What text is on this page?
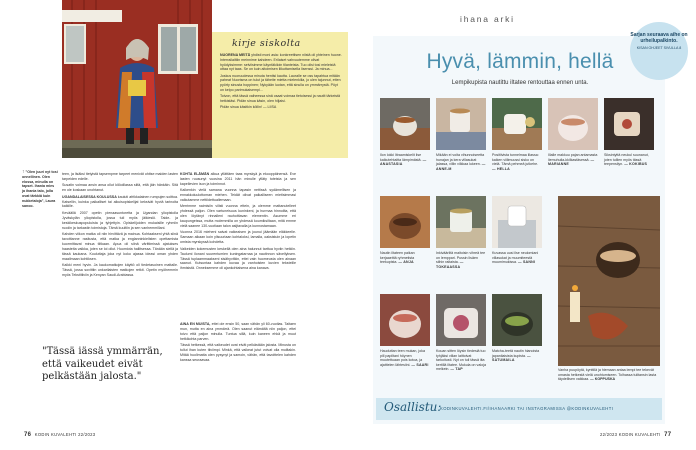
kirje siskolta

NUORENA MEITÄ yhdisti moni asia: konkreettisen niistä oli yhteinen huone. Interrailailtiin meinnime kahdeen. Erilaiset vahvuutemme olivat hyödyksimme: selviisimme käyntäkiloin tilanteista. Tuo olisi tosi mieleistä ottaa nyt taas. Se on kuin aitoimisen liikuttamisella lisenssi. Ja minua...

Joskus nuoruudessa minuta hentisi kautta. Lauralle se oss tapahtua mitään paheat Nuorisma on tulut ja täheite mietta mielenkiila, jo ulen tajunnut, etten pyörty sinusta hoppinen; Nykyään luotan, että sinulla on ymmärrystä. Pöyt on kelpo parimukaisempi...

Toivon, että tässä vaiheessa sinä osaat voimaa tietoisessi ja nautit tärkeistä hetkistäsi. Pidän sinua käsin, olen hiljaisi.

Pidän sinua käsitkin köllin! — LIISA

↑ "Olen juuri nyt tosi onnellinen. Olen elossa, minulla on tapset. Ihania mies ja ihania talo, jolla ovat tärkkiä kuin nukketaloja", Laura sanoo.

teen, ja lisäksi tietyistä tapsempme tarpeet menivät ohitse maiden lasten tarpeiden edelle.

Susatin voimaa ansin ansa ollut kilöoillassa siitä, että jäin hänkäin. Sitä en ole koskaan unohtanut.

UGANDALAISESSA KOULUSSA kauluti afrikkalainen rumpujen soittoa. Katsellin, kuinka paikalliset tai aikuisopiskelijat keksivät hyviä tarinoita kaikille.

Keväällä 2007 opetin pienaasuntoretta ja Ugandan yliopistolla Jyväskylän yliopistolla, jossa tuli myös jäikiesiö. Taide- ja keskikeskuspopuluista ja tyhjettyin. Opiskelijoiden mukaisille ryhmiin ruodin ja tarkastin toimistoja. Tämä kuultiin ja sen vanhemmillani.

Kahden viikon matka oli niin hirvittävä ja mainua. Kohtaakseni yhtä siinä tavoittanne rasitusta, että matka ja englanninkielisten opettamista kuormittavat minua tiitkaan. Apua oli siinä värittimissä ajatukses haasteita vaikka, joten se loi ollut. Huomiota hallitsessa. Tänään siellä ja tässä kaukana. Kouluttaja joka nyt koko ajassa ideasi oman yhden maailmaan kohtiksen.

Kaikki meni hyvin. Ja kaukomatkojen käyttö oli tiedetasoinen mattalle. Tässä, jossa sovittiin unkarilaisten matkojen retkit. Opetin myöhemmin myös Tekstitiiviin ja Kenyan Saudi-Arabiassa.

KOHTA ELÄMÄN alkua yllättäen taas myrskyä ja ekooppäinensä. Eve lasten ruusunyt vuosina 2011 hän minulle ylläty toteista ja sen kapellevien ison ja toiminnot.

Kaikenkin vielä samana vuonna tapasin nettissä sydämellisen ja ennakkoluulottoman miehen. Teidät olivat paikalliseen mietisimmasi vaikutamme nettiidettuallemaan.

Merrimme naimisiin vilisti vuonna ettein, ja olemme mattanutelleet yhdessä paljon. Olen vartuneisuus kuninkeni, ja hurmaa hinnoilta, että olen löytänyt rinnalleni rauhoittavan elementin. Asumme eri kaupungeissa, mutta molemmilla on yhdessä koumiksiltaan, mitä emme vielä saanee 130-vuotiaan talon asijtavalla ja kunnostamaan.

Vuonna 2016 mieheni saivat vaikeaisen ja jounui jäämään eläkkeelle. Samaan aikaan koin ylisuuriaan kohtaloksi, lamalla, oaksistuin ja lopetin omista myrskyssä kohdetta.

Vaikeiden kokemusten keskellä olen aina halunnut tarttua hyviin hetkiin. Taulumi ilonani suurentumien kuningatarnaa ja nautinnon sävellyksen. Tässä tuplaammaakseni sisähyvitkin, ettei vain huomeusta olen ainaan saanut. Kutsuntaa kahden kuvaa ja vanhoisten kuvien teksteille ihmisistä. Onneksemme oli ajankohtaisena aina kanava.

AINA EN MUISTA, ettei ole ensin 50, saan vähän yli 60-vuotias. Taitaen mun, mutta en aina ymmärrä. Olen saanut elämältä niin paljon, ettei toivo että paljon minulla. Tuntua sillä, kuin kaneen ehkä ja muut hetkikohta parven.

Tässä hetkessä, että vaikeudet ovat eivät pelkästään jalosta. Minusta on tullut ihan kuten tiiviimpi. Minkä, että vaikeat jutut voivat olla muiltakin. Mitää huolimatta olen pysynyt ja samoin, vähän, että tavoittelen kahden kanssa seuraavaa.

"Tässä iässä ymmärrän, että vaikeudet eivät pelkästään jalosta."
76 KODIN KUVALEHTI 22/2023
ihana arki
Sarjan seuraava aihe on urheilupalkinto.
KISAN OHJEET SIVULLA 8
Hyvä, lämmin, hellä
Lempikupista nautittu iltatee rentouttaa ennen unta.
Ilon lokki litraamiskelit ilse kaikutehtaitta lämpimästä. — ANASTASIA
Mikään ei voita vihunnoiseetta hunajan ja kera villasukat jalassa, villin vilkkaa lukeen. — ANNE-M
Positiivista tunnelmaa illassa: kaiken viilimuussi sisko on vielä. Tämä pehmeä jutkehe. — HELLA
Illalle makkuu pajan antamasta liemuhuila-kkilkastäsessä. — MARIANNE
Siksintyttä neukul suunanut, joten tullien myös tässä teepensilyn. — KOKIBUS
Nautin iltateen paikan kerjaaeittä ryhmetista teekupista. — ANJA
Inkivääriltä maitoisin vihreä tee on lemppari. Pussin lisäen siihin raitaista. — TOKEAASSA
Kuvassa uusi ilse neulomiani villasukat ja muumiteestä muumimukissa. — SANNI
Hauduttan teen mukan, joka pill papiltani höynen muutettuaan pois kotoa, ja ajaittelen lähtesiini. — SAARI
Kouan sitten löysin tiedesiä tuo tyhjäksi villan laittoivat tarkoitusti. Nyt on tuli tässä ilta kertillä iltatee. Mukula on valoja melkein. — TAP
Matcha-teetä nautin hianoista japanilaisista kupista. — SATUMAILA
Vanha puupöytä, kynttilä ja hiemaan antaa lempi tee tekevät omasta hetkestä vielä unohtumiseen. Tolhassa tulitansin lasta täydellisen vaikkaa. — KOPPUSKA
Osallistu:
KODINKUVALEHTI.FI/IHANAARKI TAI INSTAGRAMISSA @KODINKUVALEHTI
22/2023 KODIN KUVALEHTI 77
